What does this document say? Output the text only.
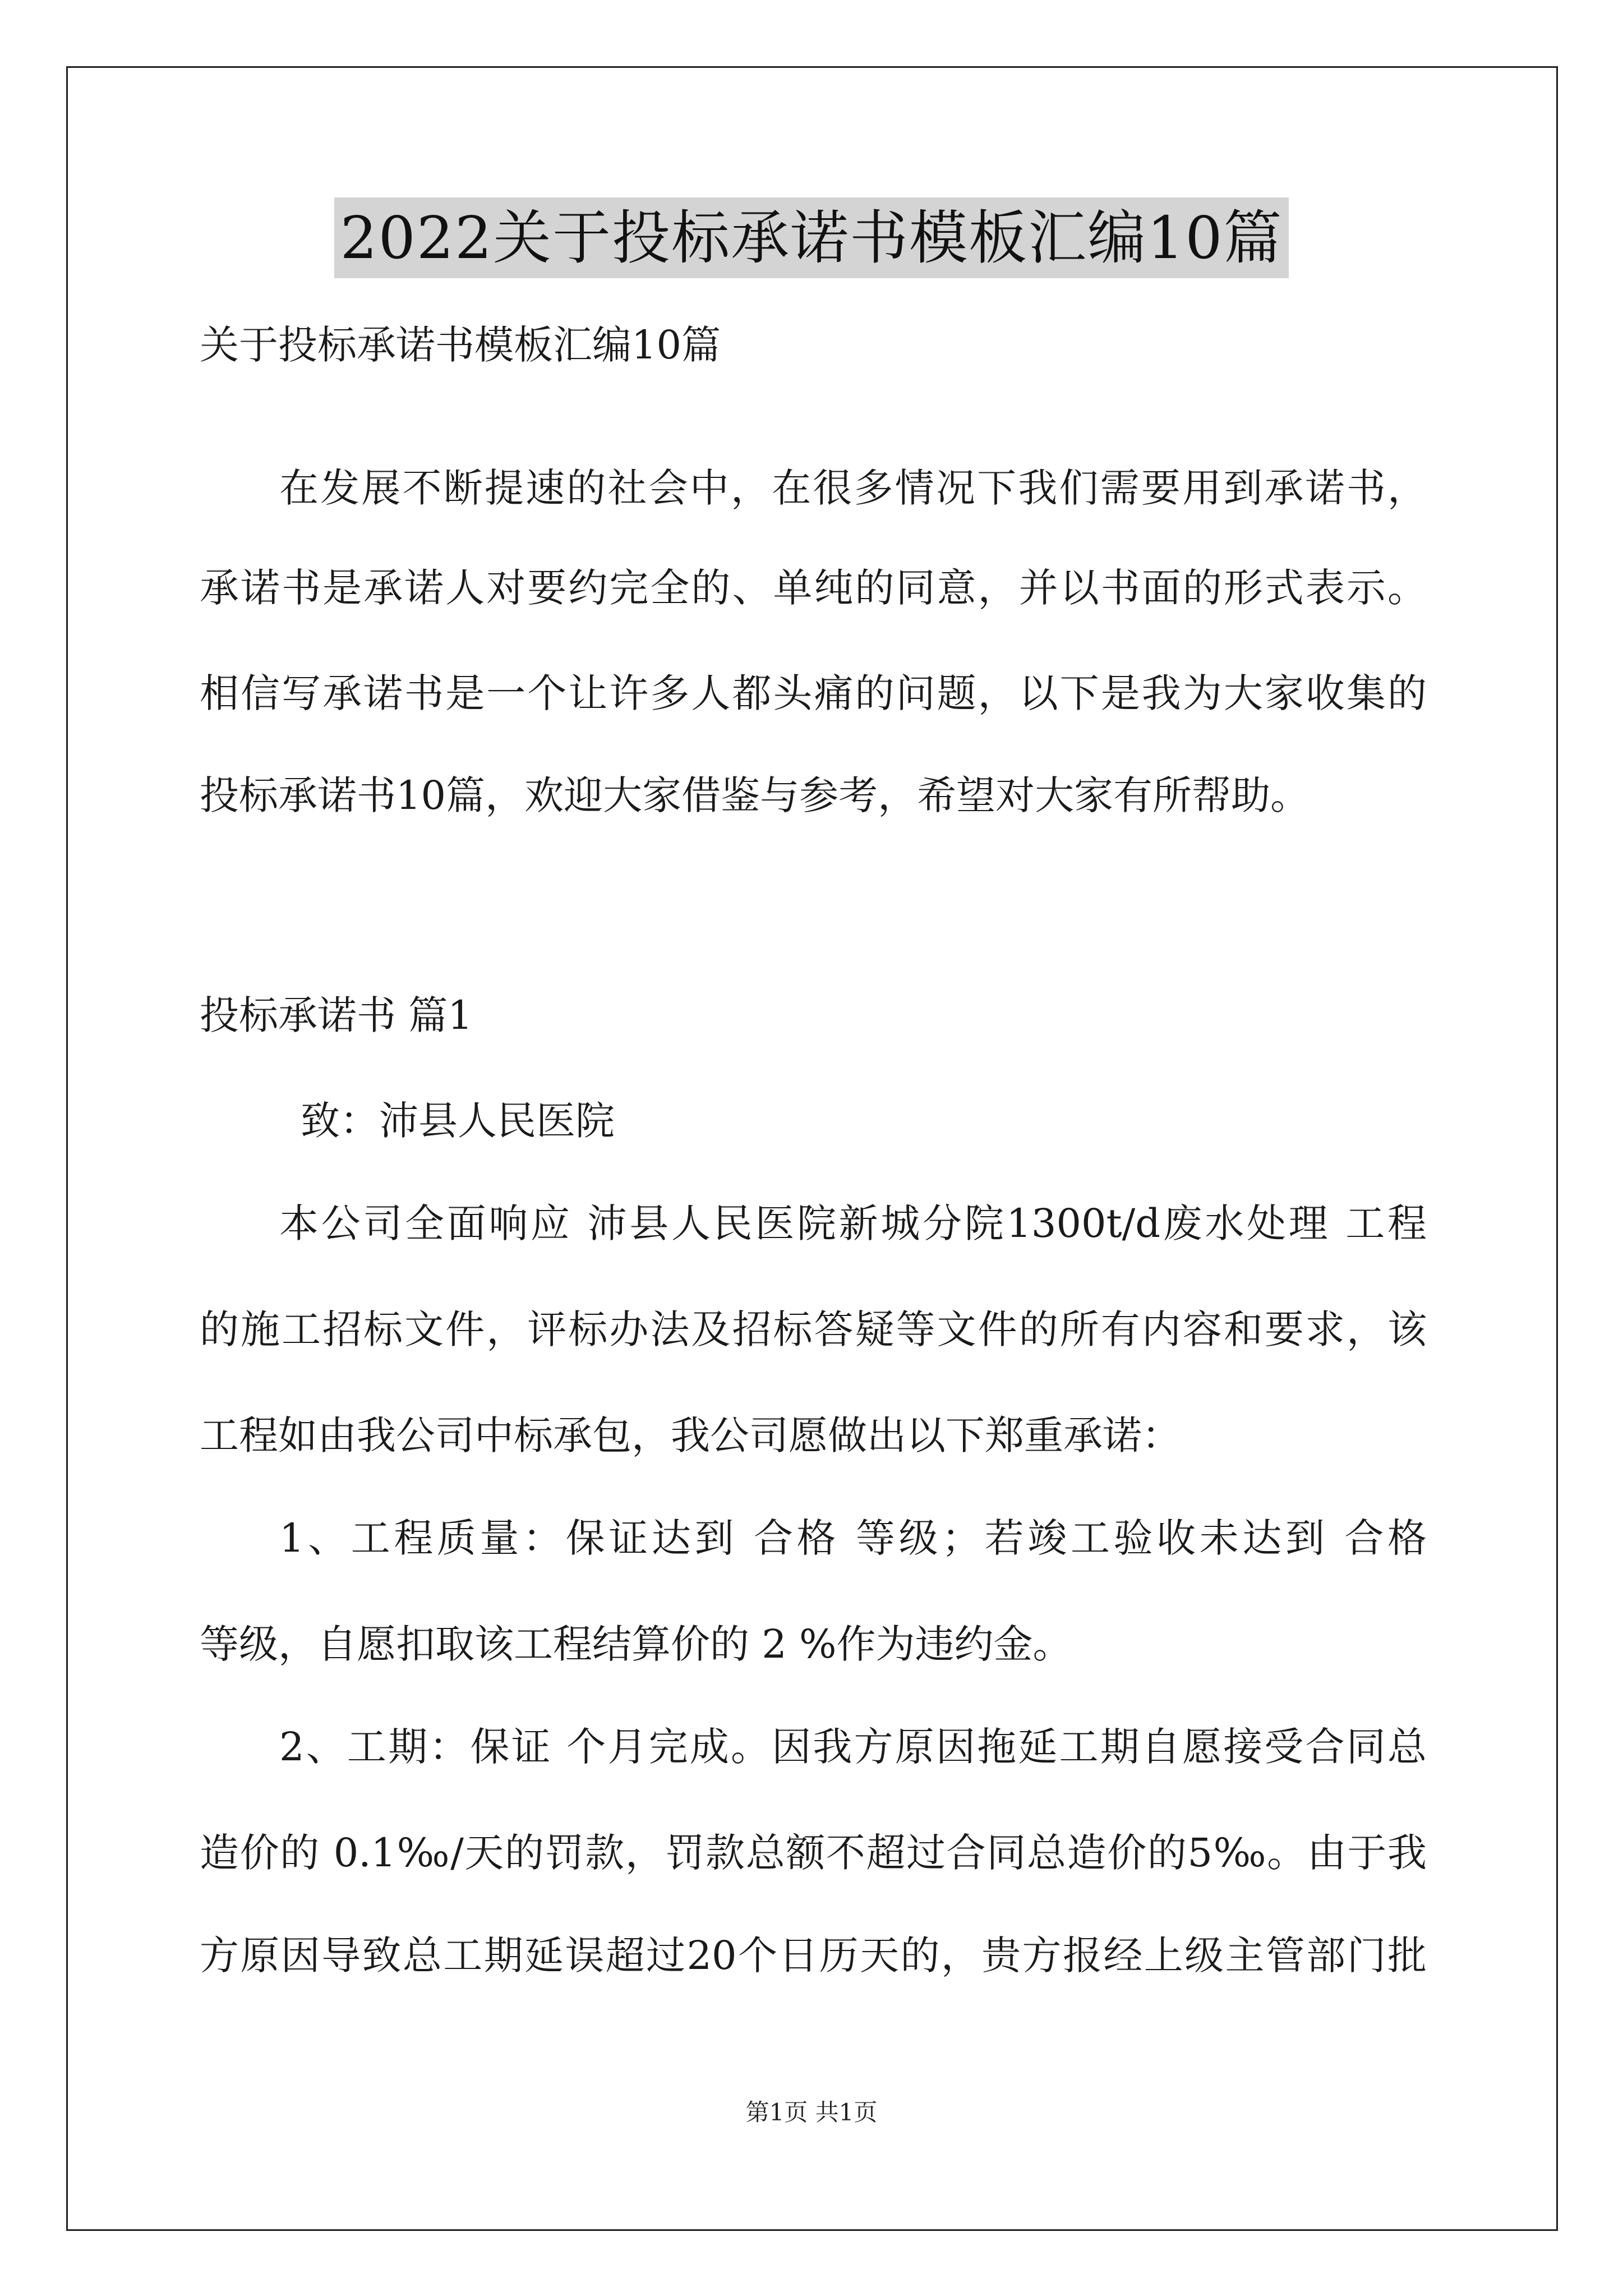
2022关于投标承诺书模板汇编10篇
关于投标承诺书模板汇编10篇
在发展不断提速的社会中，在很多情况下我们需要用到承诺书，
承诺书是承诺人对要约完全的、单纯的同意，并以书面的形式表示。
相信写承诺书是一个让许多人都头痛的问题，以下是我为大家收集的
投标承诺书10篇，欢迎大家借鉴与参考，希望对大家有所帮助。
投标承诺书 篇1
致：沛县人民医院
本公司全面响应 沛县人民医院新城分院1300t/d废水处理 工程
的施工招标文件，评标办法及招标答疑等文件的所有内容和要求，该
工程如由我公司中标承包，我公司愿做出以下郑重承诺：
1、工程质量：保证达到 合格 等级；若竣工验收未达到 合格
等级，自愿扣取该工程结算价的 2 %作为违约金。
2、工期：保证 个月完成。因我方原因拖延工期自愿接受合同总
造价的 0.1‰/天的罚款，罚款总额不超过合同总造价的5‰。由于我
方原因导致总工期延误超过20个日历天的，贵方报经上级主管部门批
第1页 共1页
